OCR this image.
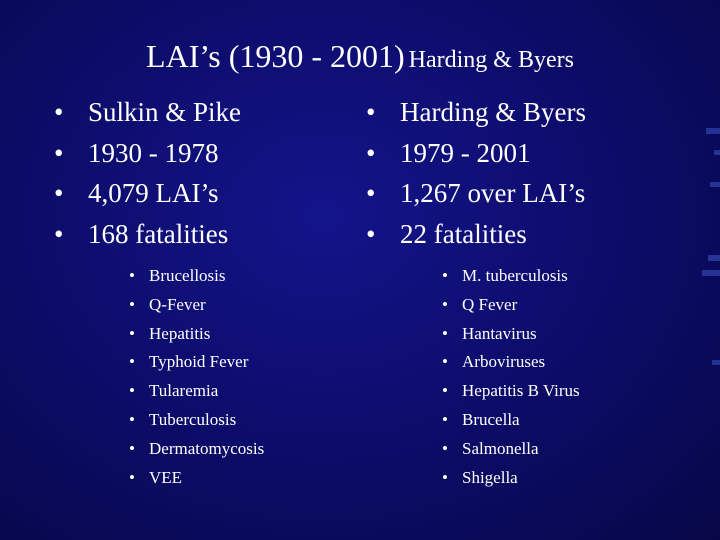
LAI’s (1930 - 2001) Harding & Byers
• Sulkin & Pike
• 1930 - 1978
• 4,079 LAI’s
• 168 fatalities
• Brucellosis
• Q-Fever
• Hepatitis
• Typhoid Fever
• Tularemia
• Tuberculosis
• Dermatomycosis
• VEE
• Harding & Byers
• 1979 - 2001
• 1,267 over LAI’s
• 22 fatalities
• M. tuberculosis
• Q Fever
• Hantavirus
• Arboviruses
• Hepatitis B Virus
• Brucella
• Salmonella
• Shigella
